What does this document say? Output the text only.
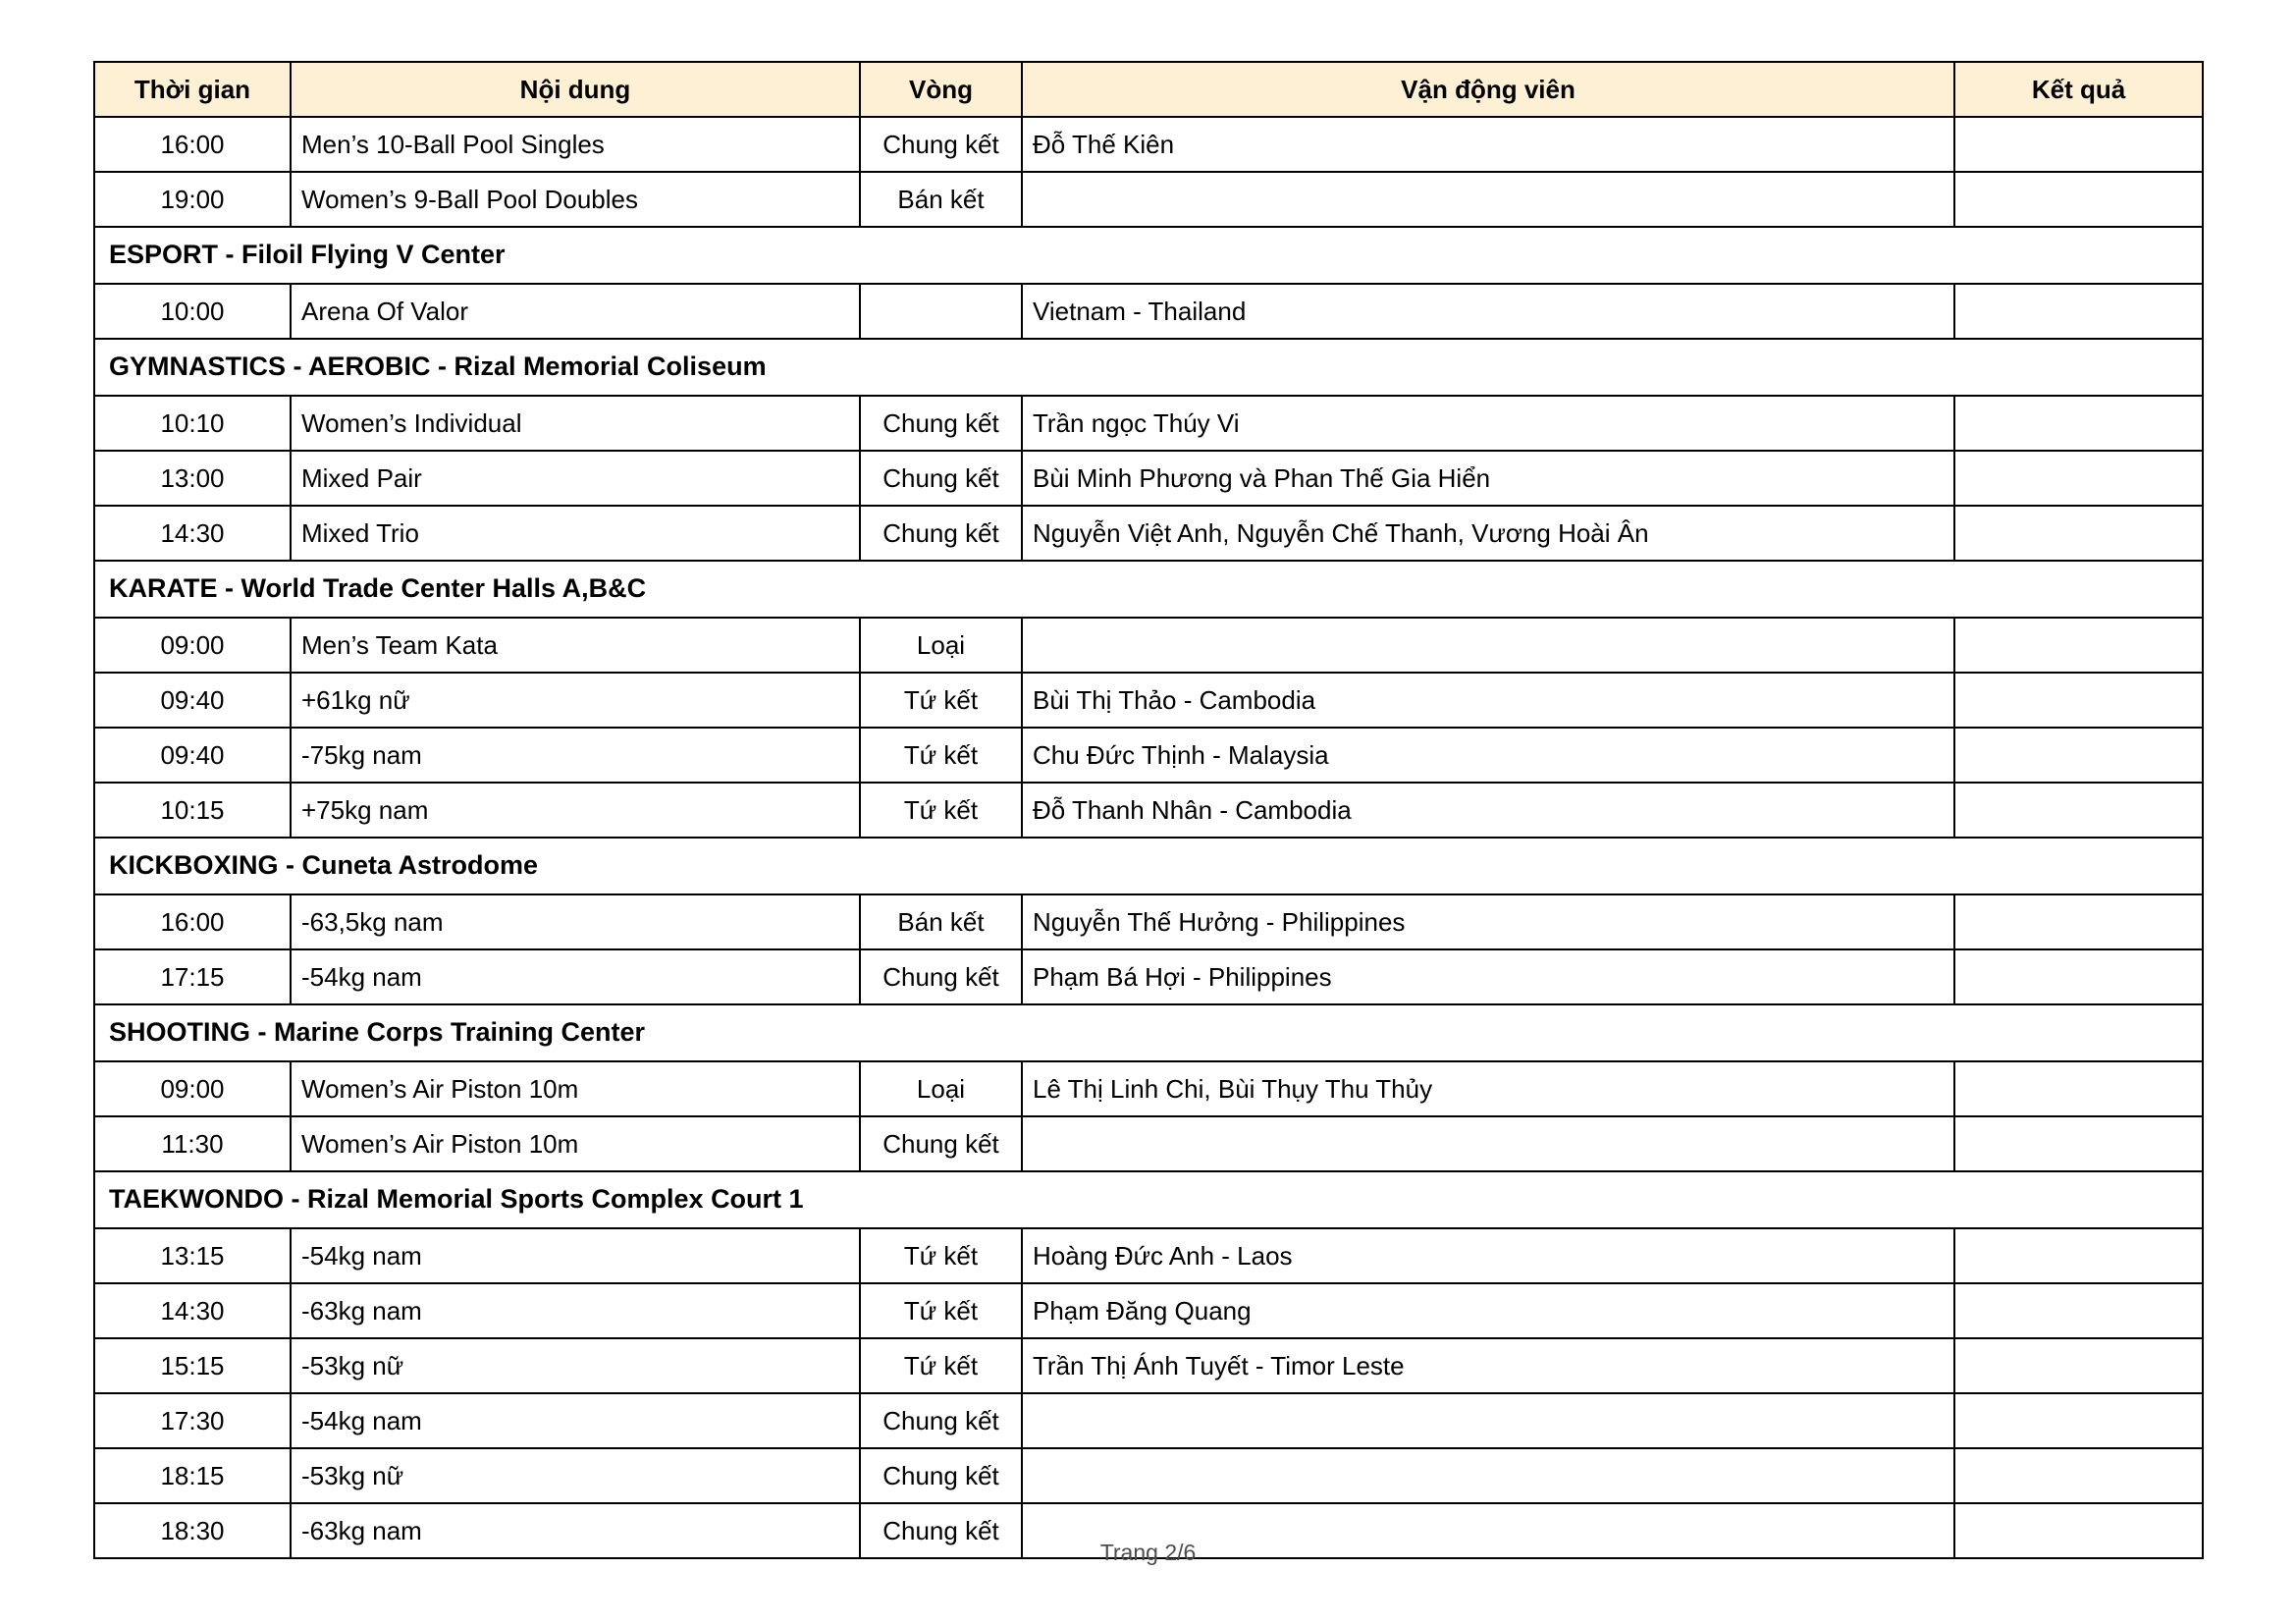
Thời gian	Nội dung	Vòng	Vận động viên	Kết quả
16:00	Men’s 10-Ball Pool Singles	Chung kết	Đỗ Thế Kiên	
19:00	Women’s 9-Ball Pool Doubles	Bán kết		
ESPORT - Filoil Flying V Center				
10:00	Arena Of Valor		Vietnam - Thailand	
GYMNASTICS - AEROBIC - Rizal Memorial Coliseum				
10:10	Women’s Individual	Chung kết	Trần ngọc Thúy Vi	
13:00	Mixed Pair	Chung kết	Bùi Minh Phương và Phan Thế Gia Hiển	
14:30	Mixed Trio	Chung kết	Nguyễn Việt Anh, Nguyễn Chế Thanh, Vương Hoài Ân	
KARATE - World Trade Center Halls A,B&C				
09:00	Men’s Team Kata	Loại		
09:40	+61kg nữ	Tứ kết	Bùi Thị Thảo - Cambodia	
09:40	-75kg nam	Tứ kết	Chu Đức Thịnh - Malaysia	
10:15	+75kg nam	Tứ kết	Đỗ Thanh Nhân - Cambodia	
KICKBOXING - Cuneta Astrodome				
16:00	-63,5kg nam	Bán kết	Nguyễn Thế Hưởng - Philippines	
17:15	-54kg nam	Chung kết	Phạm Bá Hợi - Philippines	
SHOOTING - Marine Corps Training Center				
09:00	Women’s Air Piston 10m	Loại	Lê Thị Linh Chi, Bùi Thụy Thu Thủy	
11:30	Women’s Air Piston 10m	Chung kết		
TAEKWONDO - Rizal Memorial Sports Complex Court 1				
13:15	-54kg nam	Tứ kết	Hoàng Đức Anh - Laos	
14:30	-63kg nam	Tứ kết	Phạm Đăng Quang	
15:15	-53kg nữ	Tứ kết	Trần Thị Ánh Tuyết - Timor Leste	
17:30	-54kg nam	Chung kết		
18:15	-53kg nữ	Chung kết		
18:30	-63kg nam	Chung kết		
Trang 2/6
